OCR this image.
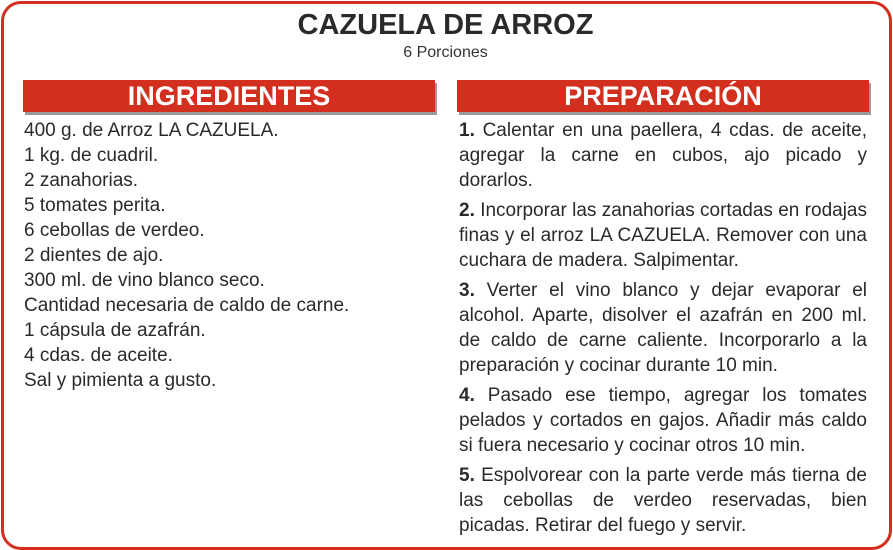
CAZUELA DE ARROZ
6 Porciones
INGREDIENTES	PREPARACIÓN
400 g. de Arroz LA CAZUELA.
1 kg. de cuadril.
2 zanahorias.
5 tomates perita.
6 cebollas de verdeo.
2 dientes de ajo.
300 ml. de vino blanco seco.
Cantidad necesaria de caldo de carne.
1 cápsula de azafrán.
4 cdas. de aceite.
Sal y pimienta a gusto.

1. Calentar en una paellera, 4 cdas. de aceite, agregar la carne en cubos, ajo picado y dorarlos.

2. Incorporar las zanahorias cortadas en rodajas finas y el arroz LA CAZUELA. Remover con una cuchara de madera. Salpimentar.

3. Verter el vino blanco y dejar evaporar el alcohol. Aparte, disolver el azafrán en 200 ml. de caldo de carne caliente. Incorporarlo a la preparación y cocinar durante 10 min.

4. Pasado ese tiempo, agregar los tomates pelados y cortados en gajos. Añadir más caldo si fuera necesario y cocinar otros 10 min.

5. Espolvorear con la parte verde más tierna de las cebollas de verdeo reservadas, bien picadas. Retirar del fuego y servir.
